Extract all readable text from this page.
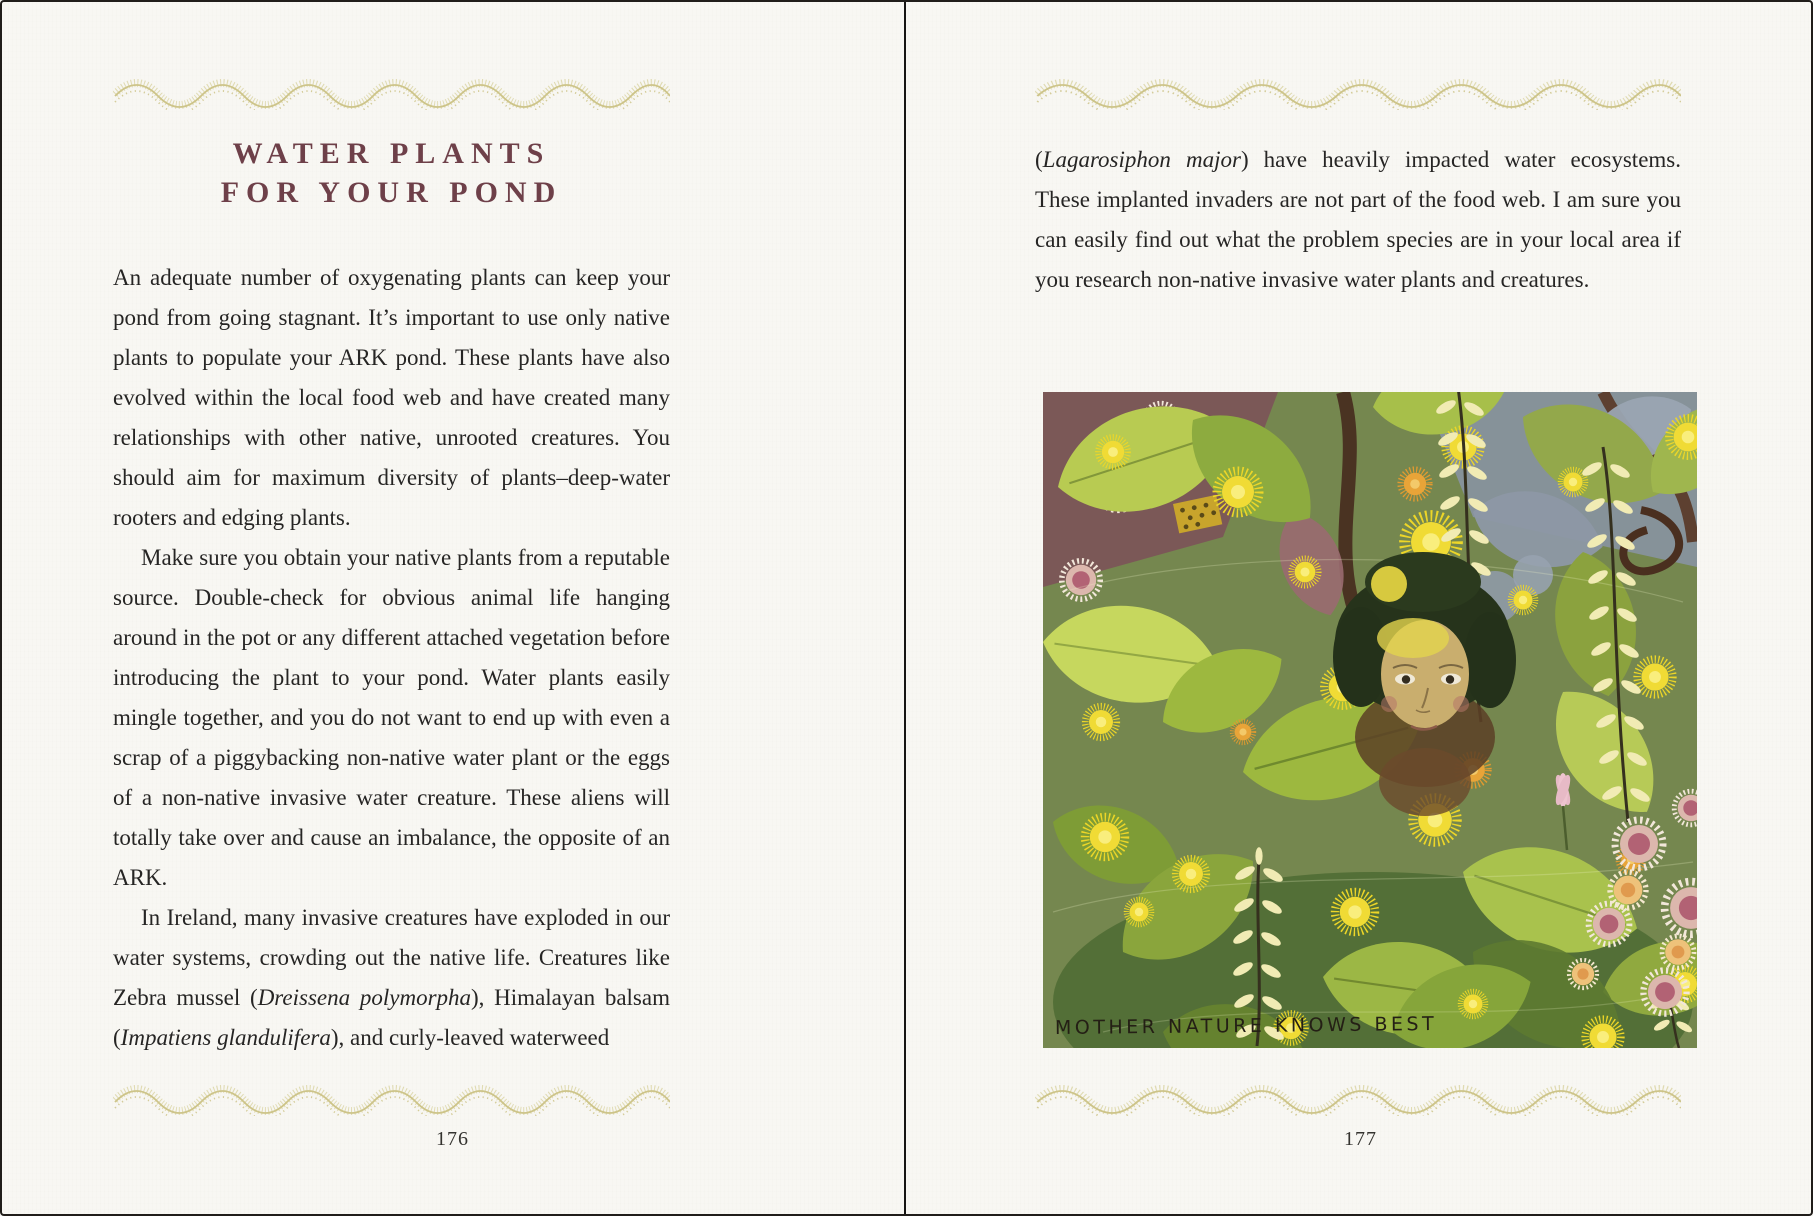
WATER PLANTS
FOR YOUR POND

An adequate number of oxygenating plants can keep your pond from going stagnant. It’s important to use only native plants to populate your ARK pond. These plants have also evolved within the local food web and have created many relationships with other native, unrooted creatures. You should aim for maximum diversity of plants–deep-water rooters and edging plants.

Make sure you obtain your native plants from a reputable source. Double-check for obvious animal life hanging around in the pot or any different attached vegetation before introducing the plant to your pond. Water plants easily mingle together, and you do not want to end up with even a scrap of a piggybacking non-native water plant or the eggs of a non-native invasive water creature. These aliens will totally take over and cause an imbalance, the opposite of an ARK.

In Ireland, many invasive creatures have exploded in our water systems, crowding out the native life. Creatures like Zebra mussel (Dreissena polymorpha), Himalayan balsam (Impatiens glandulifera), and curly-leaved waterweed

176

(Lagarosiphon major) have heavily impacted water ecosystems. These implanted invaders are not part of the food web. I am sure you can easily find out what the problem species are in your local area if you research non-native invasive water plants and creatures.

MOTHER NATURE KNOWS BEST
177
